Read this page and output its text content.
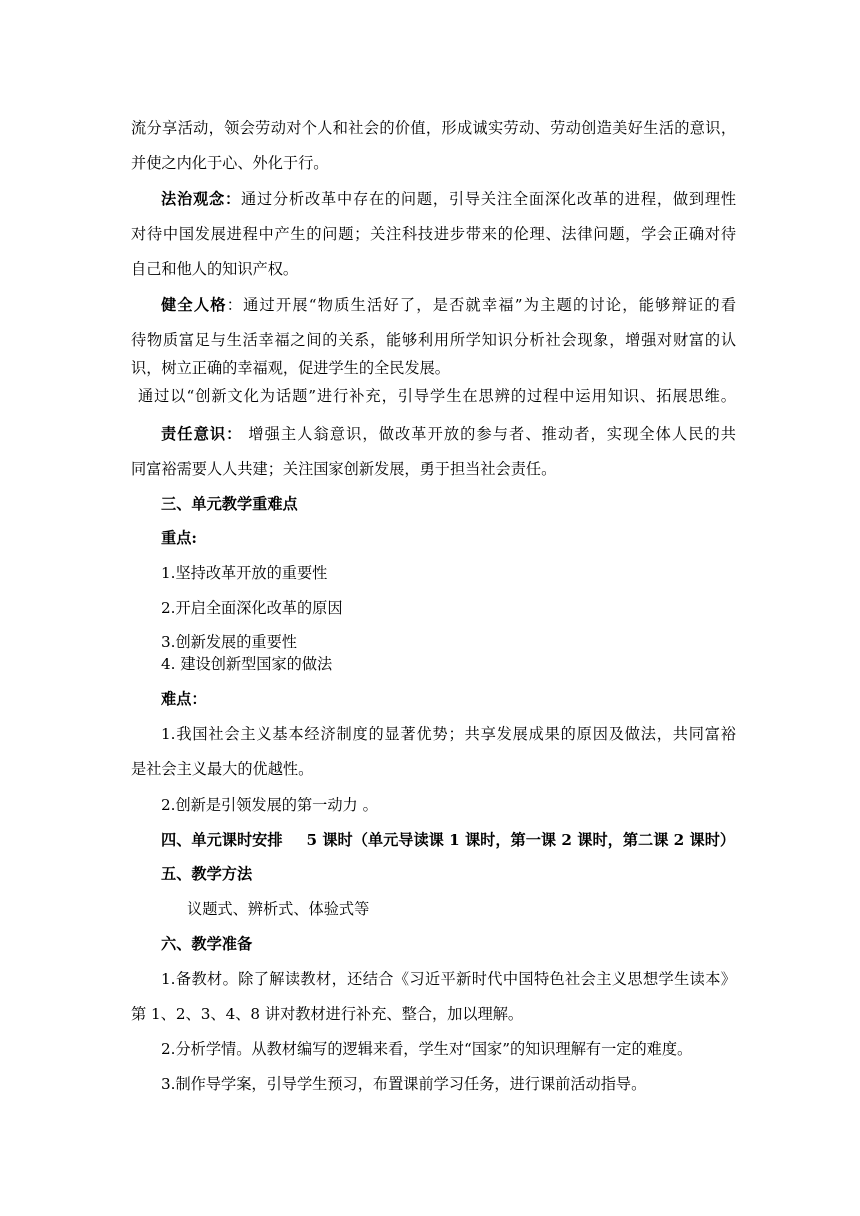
流分享活动，领会劳动对个人和社会的价值，形成诚实劳动、劳动创造美好生活的意识，
并使之内化于心、外化于行。
法治观念：通过分析改革中存在的问题，引导关注全面深化改革的进程，做到理性
对待中国发展进程中产生的问题；关注科技进步带来的伦理、法律问题，学会正确对待
自己和他人的知识产权。
健全人格：通过开展“物质生活好了，是否就幸福”为主题的讨论，能够辩证的看
待物质富足与生活幸福之间的关系，能够利用所学知识分析社会现象，增强对财富的认
识，树立正确的幸福观，促进学生的全民发展。
通过以“创新文化为话题”进行补充，引导学生在思辨的过程中运用知识、拓展思维。
责任意识： 增强主人翁意识，做改革开放的参与者、推动者，实现全体人民的共
同富裕需要人人共建；关注国家创新发展，勇于担当社会责任。
三、单元教学重难点
重点:
1.坚持改革开放的重要性
2.开启全面深化改革的原因
3.创新发展的重要性
4. 建设创新型国家的做法
难点：
1.我国社会主义基本经济制度的显著优势；共享发展成果的原因及做法，共同富裕
是社会主义最大的优越性。
2.创新是引领发展的第一动力 。
四、单元课时安排 5 课时（单元导读课 1 课时，第一课 2 课时，第二课 2 课时）
五、教学方法
议题式、辨析式、体验式等
六、教学准备
1.备教材。除了解读教材，还结合《习近平新时代中国特色社会主义思想学生读本》
第 1、2、3、4、8 讲对教材进行补充、整合，加以理解。
2.分析学情。从教材编写的逻辑来看，学生对“国家”的知识理解有一定的难度。
3.制作导学案，引导学生预习，布置课前学习任务，进行课前活动指导。
